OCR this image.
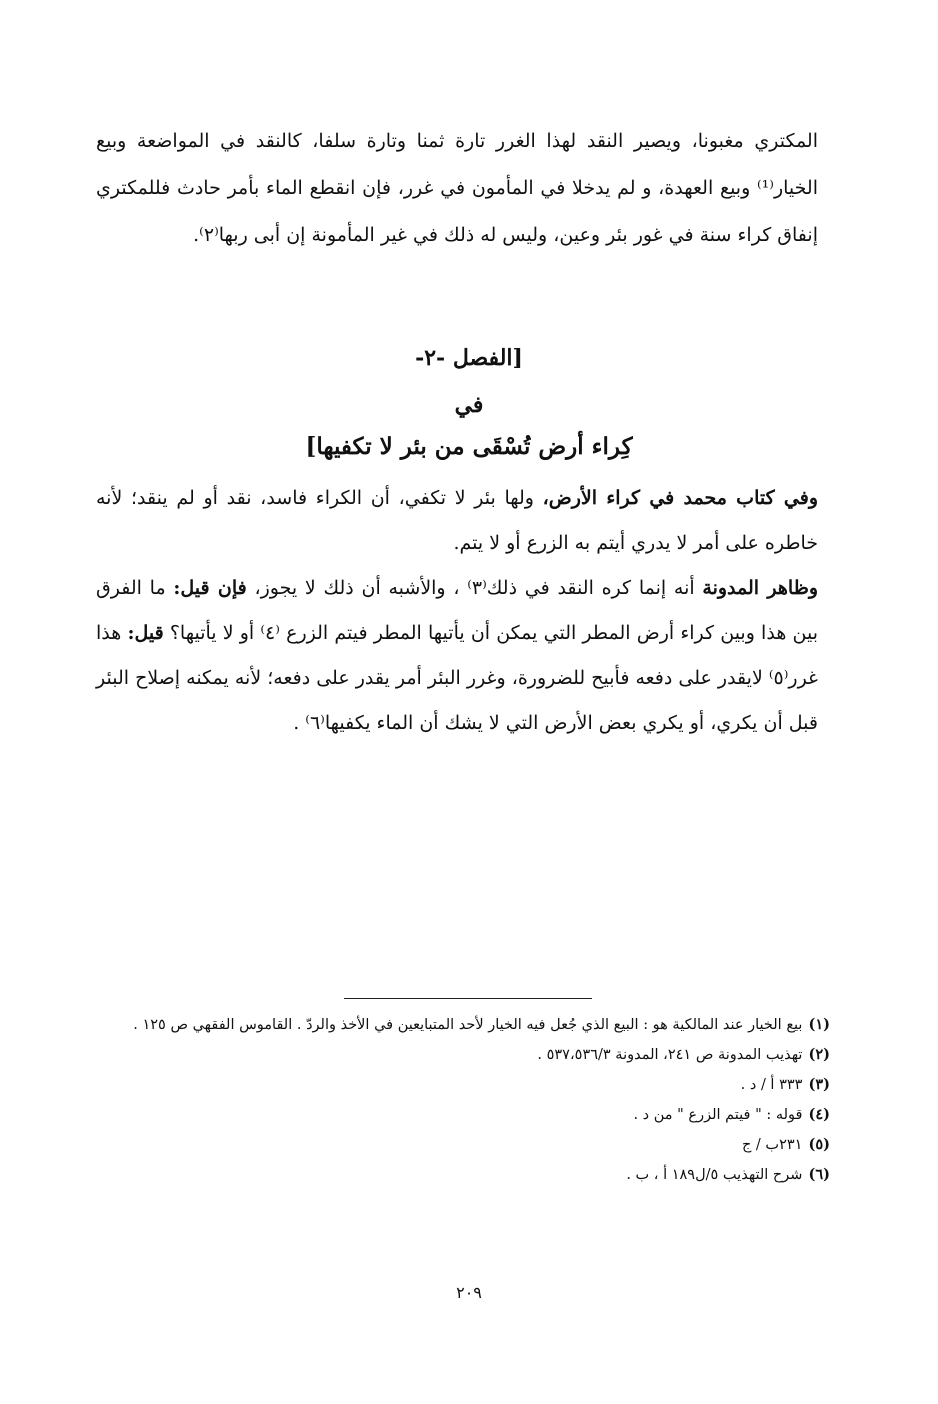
المكتري مغبونا، ويصير النقد لهذا الغرر تارة ثمنا وتارة سلفا، كالنقد في المواضعة وبيع الخيار⁽¹⁾ وبيع العهدة، و لم يدخلا في المأمون في غرر، فإن انقطع الماء بأمر حادث فللمكتري إنفاق كراء سنة في غور بئر وعين، وليس له ذلك في غير المأمونة إن أبى ربها⁽٢⁾.

[الفصل -٢-
في
كِراء أرض تُسْقَى من بئر لا تكفيها]

وفي كتاب محمد في كراء الأرض، ولها بئر لا تكفي، أن الكراء فاسد، نقد أو لم ينقد؛ لأنه خاطره على أمر لا يدري أيتم به الزرع أو لا يتم.

وظاهر المدونة أنه إنما كره النقد في ذلك⁽٣⁾ ، والأشبه أن ذلك لا يجوز، فإن قيل: ما الفرق بين هذا وبين كراء أرض المطر التي يمكن أن يأتيها المطر فيتم الزرع ⁽٤⁾ أو لا يأتيها؟ قيل: هذا غرر⁽٥⁾ لايقدر على دفعه فأبيح للضرورة، وغرر البئر أمر يقدر على دفعه؛ لأنه يمكنه إصلاح البئر قبل أن يكري، أو يكري بعض الأرض التي لا يشك أن الماء يكفيها⁽٦⁾ .

(١)بيع الخيار عند المالكية هو : البيع الذي جُعل فيه الخيار لأحد المتبايعين في الأخذ والردّ . القاموس الفقهي ص ١٢٥ .

(٢)تهذيب المدونة ص ٢٤١، المدونة ٥٣٧،٥٣٦/٣ .

(٣)٣٣٣ أ / د .

(٤)قوله : " فيتم الزرع " من د .

(٥)٢٣١ب / ج

(٦)شرح التهذيب ٥/ل١٨٩ أ ، ب .

٢٠٩
